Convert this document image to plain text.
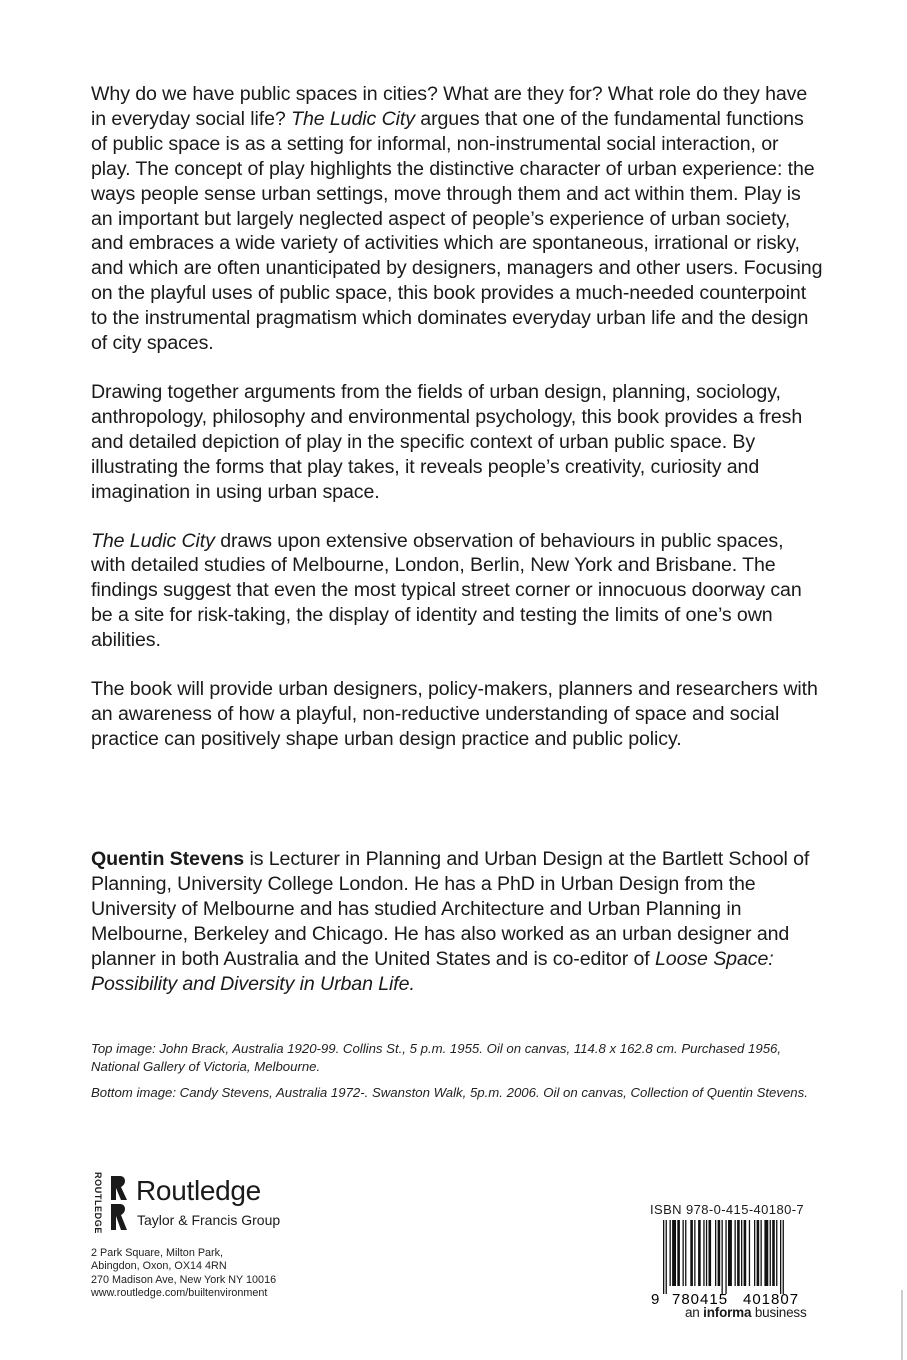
Why do we have public spaces in cities? What are they for? What role do they have in everyday social life? The Ludic City argues that one of the fundamental functions of public space is as a setting for informal, non-instrumental social interaction, or play. The concept of play highlights the distinctive character of urban experience: the ways people sense urban settings, move through them and act within them. Play is an important but largely neglected aspect of people’s experience of urban society, and embraces a wide variety of activities which are spontaneous, irrational or risky, and which are often unanticipated by designers, managers and other users. Focusing on the playful uses of public space, this book provides a much-needed counterpoint to the instrumental pragmatism which dominates everyday urban life and the design of city spaces.

Drawing together arguments from the fields of urban design, planning, sociology, anthropology, philosophy and environmental psychology, this book provides a fresh and detailed depiction of play in the specific context of urban public space. By illustrating the forms that play takes, it reveals people’s creativity, curiosity and imagination in using urban space.

The Ludic City draws upon extensive observation of behaviours in public spaces, with detailed studies of Melbourne, London, Berlin, New York and Brisbane. The findings suggest that even the most typical street corner or innocuous doorway can be a site for risk-taking, the display of identity and testing the limits of one’s own abilities.

The book will provide urban designers, policy-makers, planners and researchers with an awareness of how a playful, non-reductive understanding of space and social practice can positively shape urban design practice and public policy.

Quentin Stevens is Lecturer in Planning and Urban Design at the Bartlett School of Planning, University College London. He has a PhD in Urban Design from the University of Melbourne and has studied Architecture and Urban Planning in Melbourne, Berkeley and Chicago. He has also worked as an urban designer and planner in both Australia and the United States and is co-editor of Loose Space: Possibility and Diversity in Urban Life.

Top image: John Brack, Australia 1920-99. Collins St., 5 p.m. 1955. Oil on canvas, 114.8 x 162.8 cm. Purchased 1956, National Gallery of Victoria, Melbourne.

Bottom image: Candy Stevens, Australia 1972-. Swanston Walk, 5p.m. 2006. Oil on canvas, Collection of Quentin Stevens.

ROUTLEDGE Routledge
Taylor & Francis Group
2 Park Square, Milton Park,
Abingdon, Oxon, OX14 4RN
270 Madison Ave, New York NY 10016
www.routledge.com/builtenvironment
ISBN 978-0-415-40180-7
9 780415 401807
an informa business
